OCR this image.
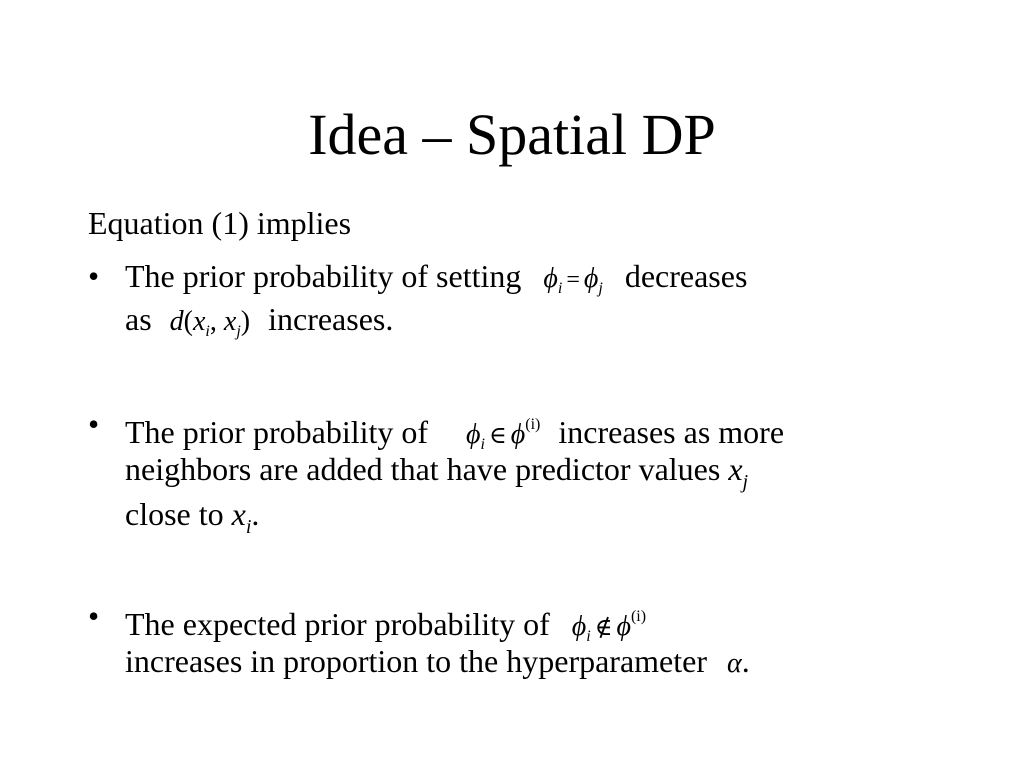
Idea – Spatial DP
Equation (1) implies
• The prior probability of setting $\phi_i = \phi_j$ decreases
as $d(x_i$, $x_j$) increases.
• The prior probability of $\phi_i$ ∈ $\phi^{(i)}$ increases as more
neighbors are added that have predictor values $x_j$
close to $x_i$.
• The expected prior probability of $\phi_i$ ∉ $\phi^{(i)}$
increases in proportion to the hyperparameter α.
